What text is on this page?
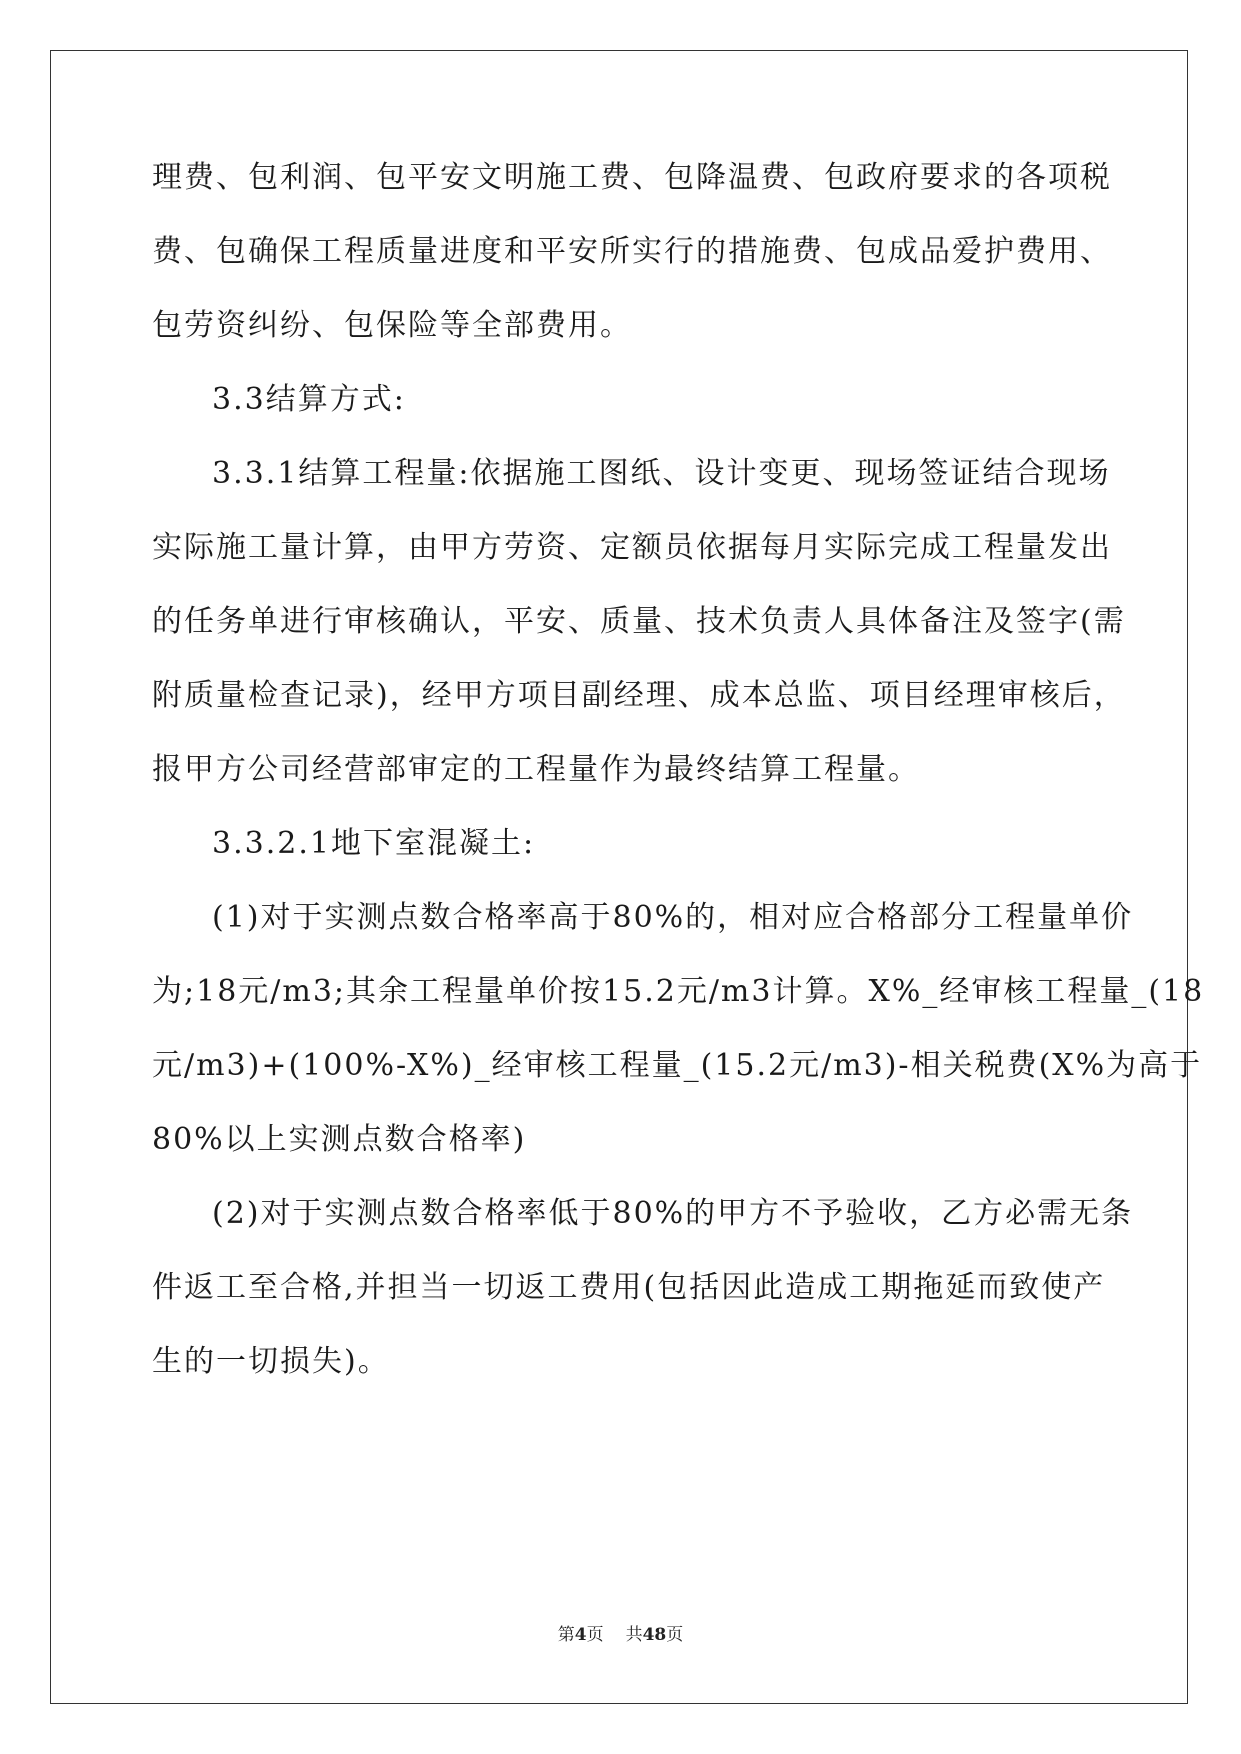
理费、包利润、包平安文明施工费、包降温费、包政府要求的各项税
费、包确保工程质量进度和平安所实行的措施费、包成品爱护费用、
包劳资纠纷、包保险等全部费用。
3.3结算方式:
3.3.1结算工程量:依据施工图纸、设计变更、现场签证结合现场
实际施工量计算，由甲方劳资、定额员依据每月实际完成工程量发出
的任务单进行审核确认，平安、质量、技术负责人具体备注及签字(需
附质量检查记录)，经甲方项目副经理、成本总监、项目经理审核后，
报甲方公司经营部审定的工程量作为最终结算工程量。
3.3.2.1地下室混凝土:
(1)对于实测点数合格率高于80%的，相对应合格部分工程量单价
为;18元/m3;其余工程量单价按15.2元/m3计算。X%_经审核工程量_(18
元/m3)+(100%-X%)_经审核工程量_(15.2元/m3)-相关税费(X%为高于
80%以上实测点数合格率)
(2)对于实测点数合格率低于80%的甲方不予验收，乙方必需无条
件返工至合格,并担当一切返工费用(包括因此造成工期拖延而致使产
生的一切损失)。
第4页 共48页
